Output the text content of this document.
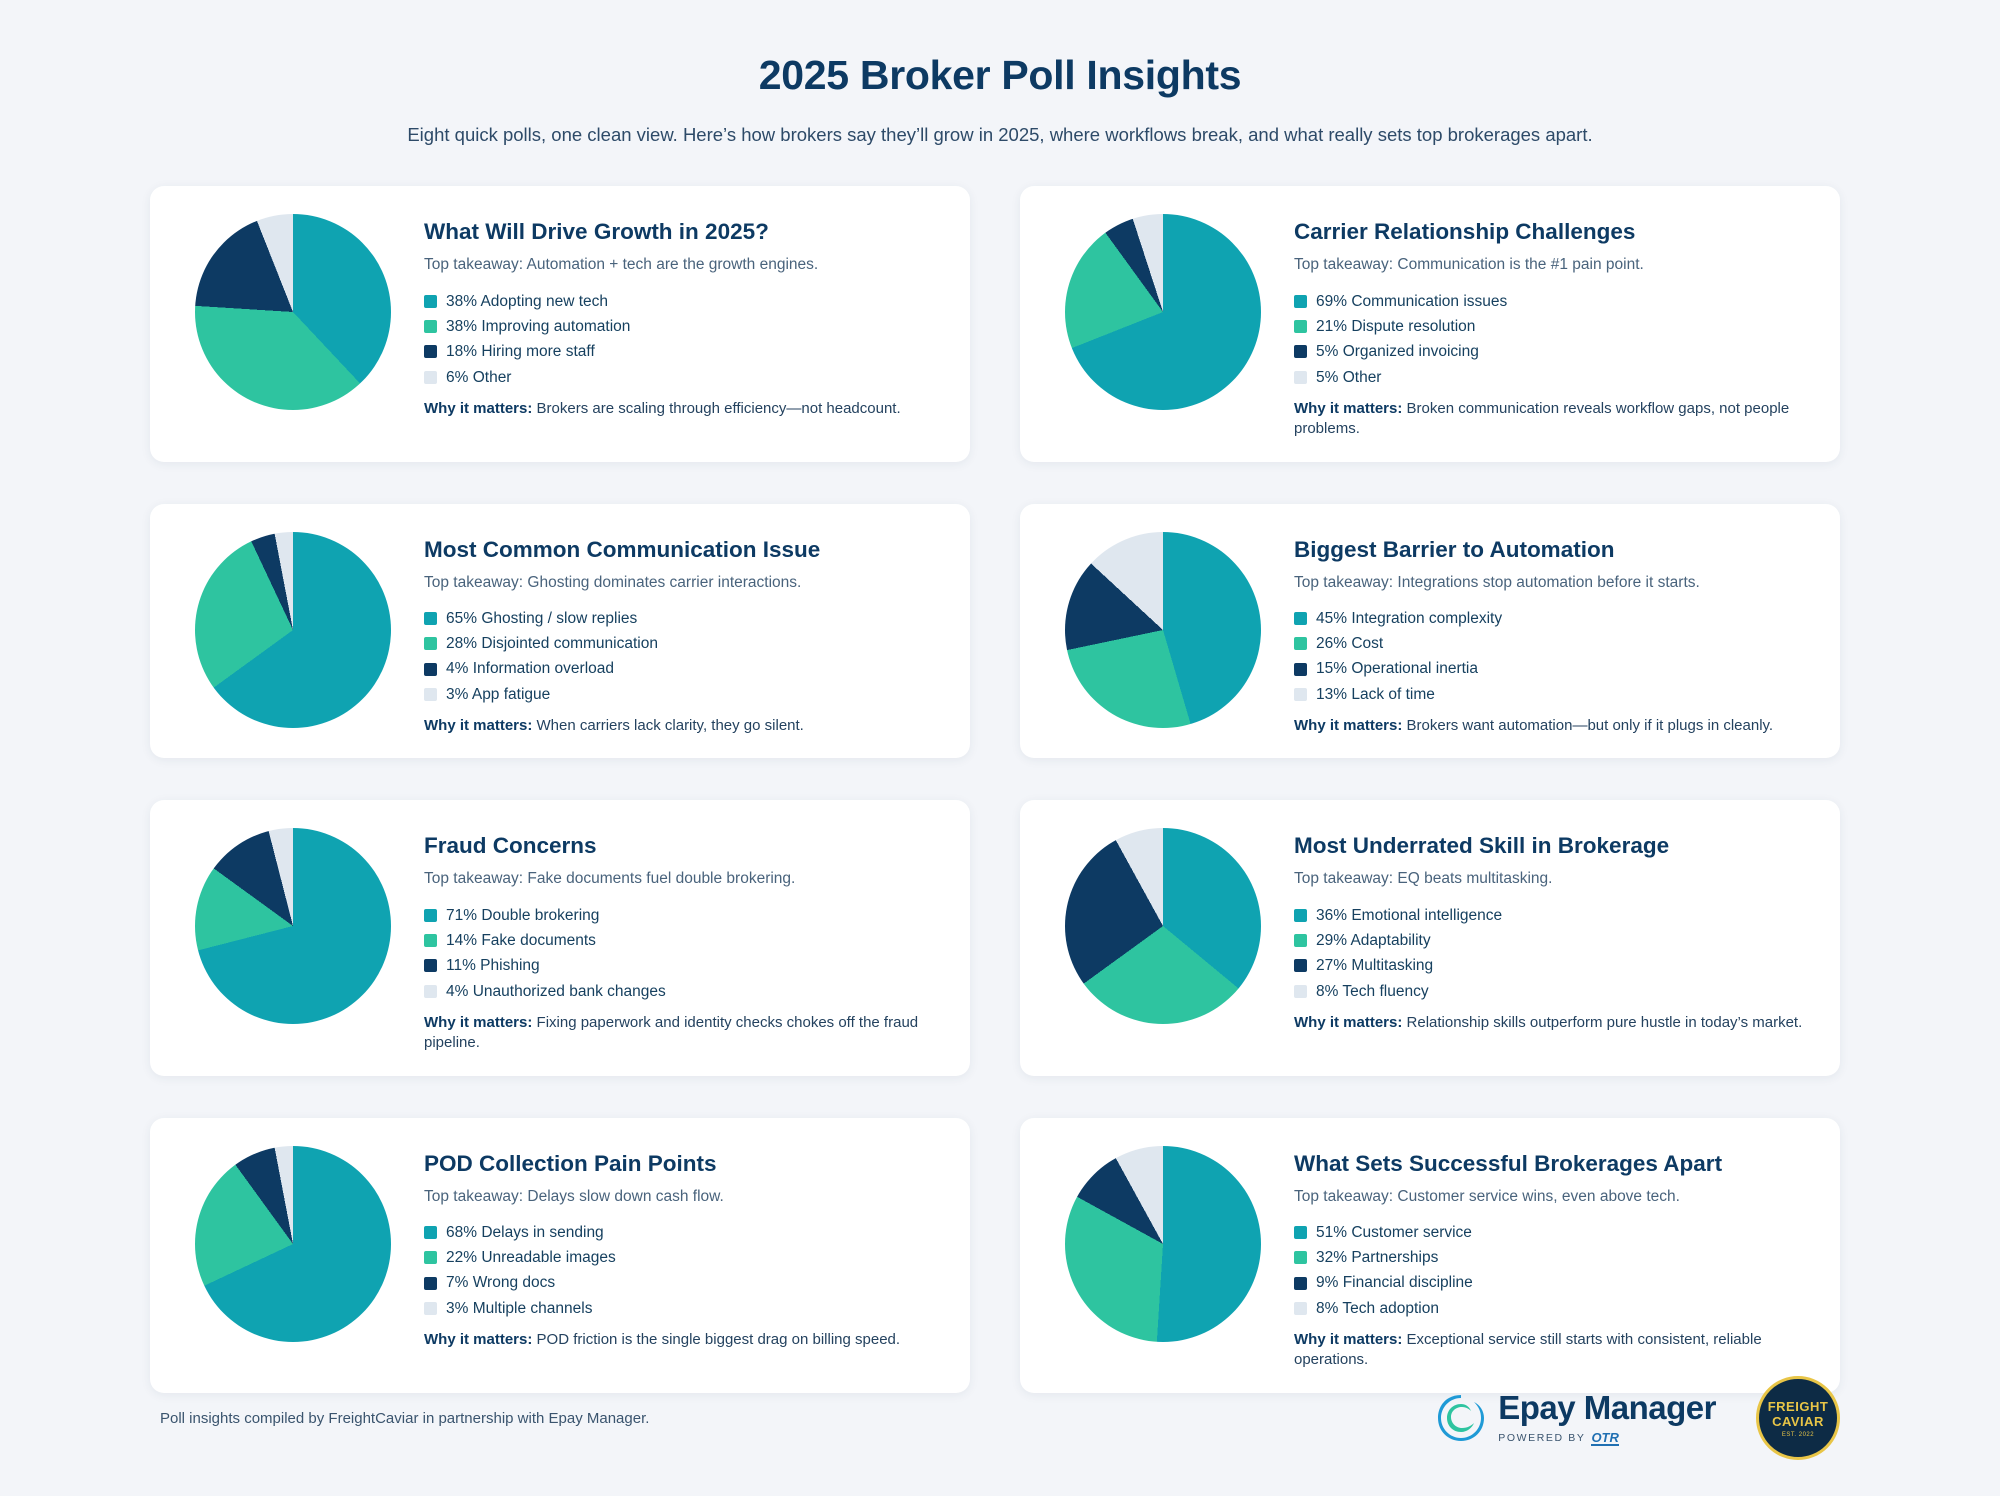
2025 Broker Poll Insights

Eight quick polls, one clean view. Here’s how brokers say they’ll grow in 2025, where workflows break, and what really sets top brokerages apart.

What Will Drive Growth in 2025?
Top takeaway: Automation + tech are the growth engines.
38% Adopting new tech
38% Improving automation
18% Hiring more staff
6% Other
Why it matters: Brokers are scaling through efficiency—not headcount.
Carrier Relationship Challenges
Top takeaway: Communication is the #1 pain point.
69% Communication issues
21% Dispute resolution
5% Organized invoicing
5% Other
Why it matters: Broken communication reveals workflow gaps, not people problems.
Most Common Communication Issue
Top takeaway: Ghosting dominates carrier interactions.
65% Ghosting / slow replies
28% Disjointed communication
4% Information overload
3% App fatigue
Why it matters: When carriers lack clarity, they go silent.
Biggest Barrier to Automation
Top takeaway: Integrations stop automation before it starts.
45% Integration complexity
26% Cost
15% Operational inertia
13% Lack of time
Why it matters: Brokers want automation—but only if it plugs in cleanly.
Fraud Concerns
Top takeaway: Fake documents fuel double brokering.
71% Double brokering
14% Fake documents
11% Phishing
4% Unauthorized bank changes
Why it matters: Fixing paperwork and identity checks chokes off the fraud pipeline.
Most Underrated Skill in Brokerage
Top takeaway: EQ beats multitasking.
36% Emotional intelligence
29% Adaptability
27% Multitasking
8% Tech fluency
Why it matters: Relationship skills outperform pure hustle in today’s market.
POD Collection Pain Points
Top takeaway: Delays slow down cash flow.
68% Delays in sending
22% Unreadable images
7% Wrong docs
3% Multiple channels
Why it matters: POD friction is the single biggest drag on billing speed.
What Sets Successful Brokerages Apart
Top takeaway: Customer service wins, even above tech.
51% Customer service
32% Partnerships
9% Financial discipline
8% Tech adoption
Why it matters: Exceptional service still starts with consistent, reliable operations.
Poll insights compiled by FreightCaviar in partnership with Epay Manager.	Epay Manager
POWERED BY OTR
FREIGHT
CAVIAR
EST. 2022
